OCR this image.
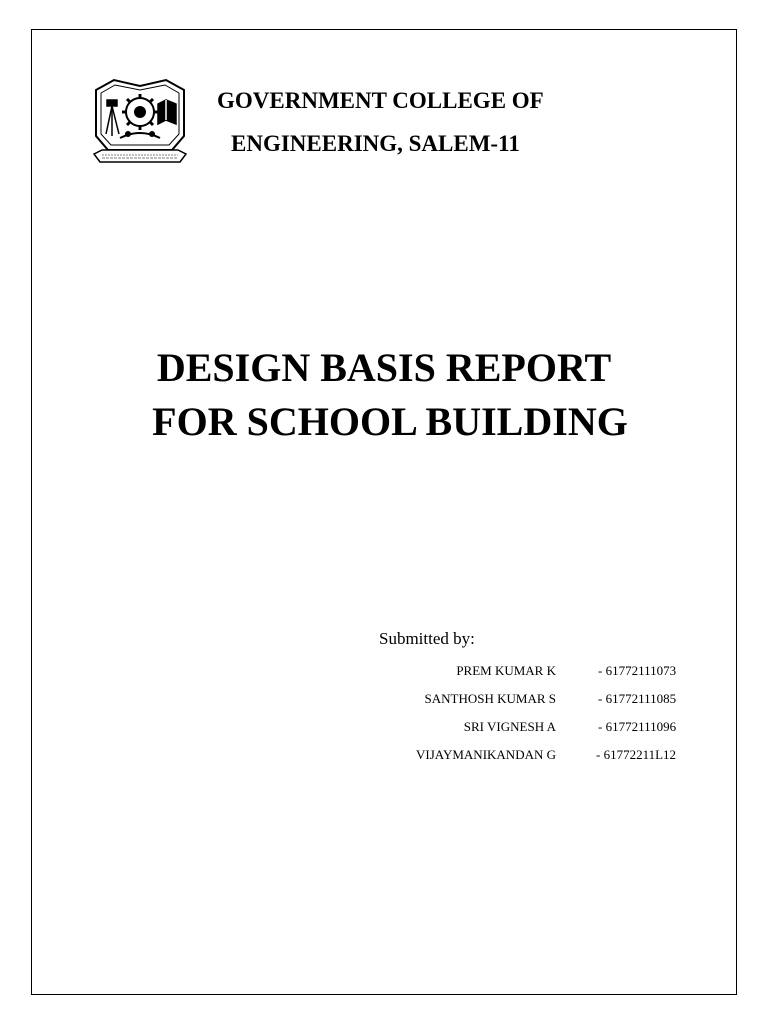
GOVERNMENT COLLEGE OF
ENGINEERING, SALEM-11
DESIGN BASIS REPORT
FOR SCHOOL BUILDING
Submitted by:
PREM KUMAR K	- 61772111073
SANTHOSH KUMAR S	- 61772111085
SRI VIGNESH A	- 61772111096
VIJAYMANIKANDAN G	- 61772211L12
